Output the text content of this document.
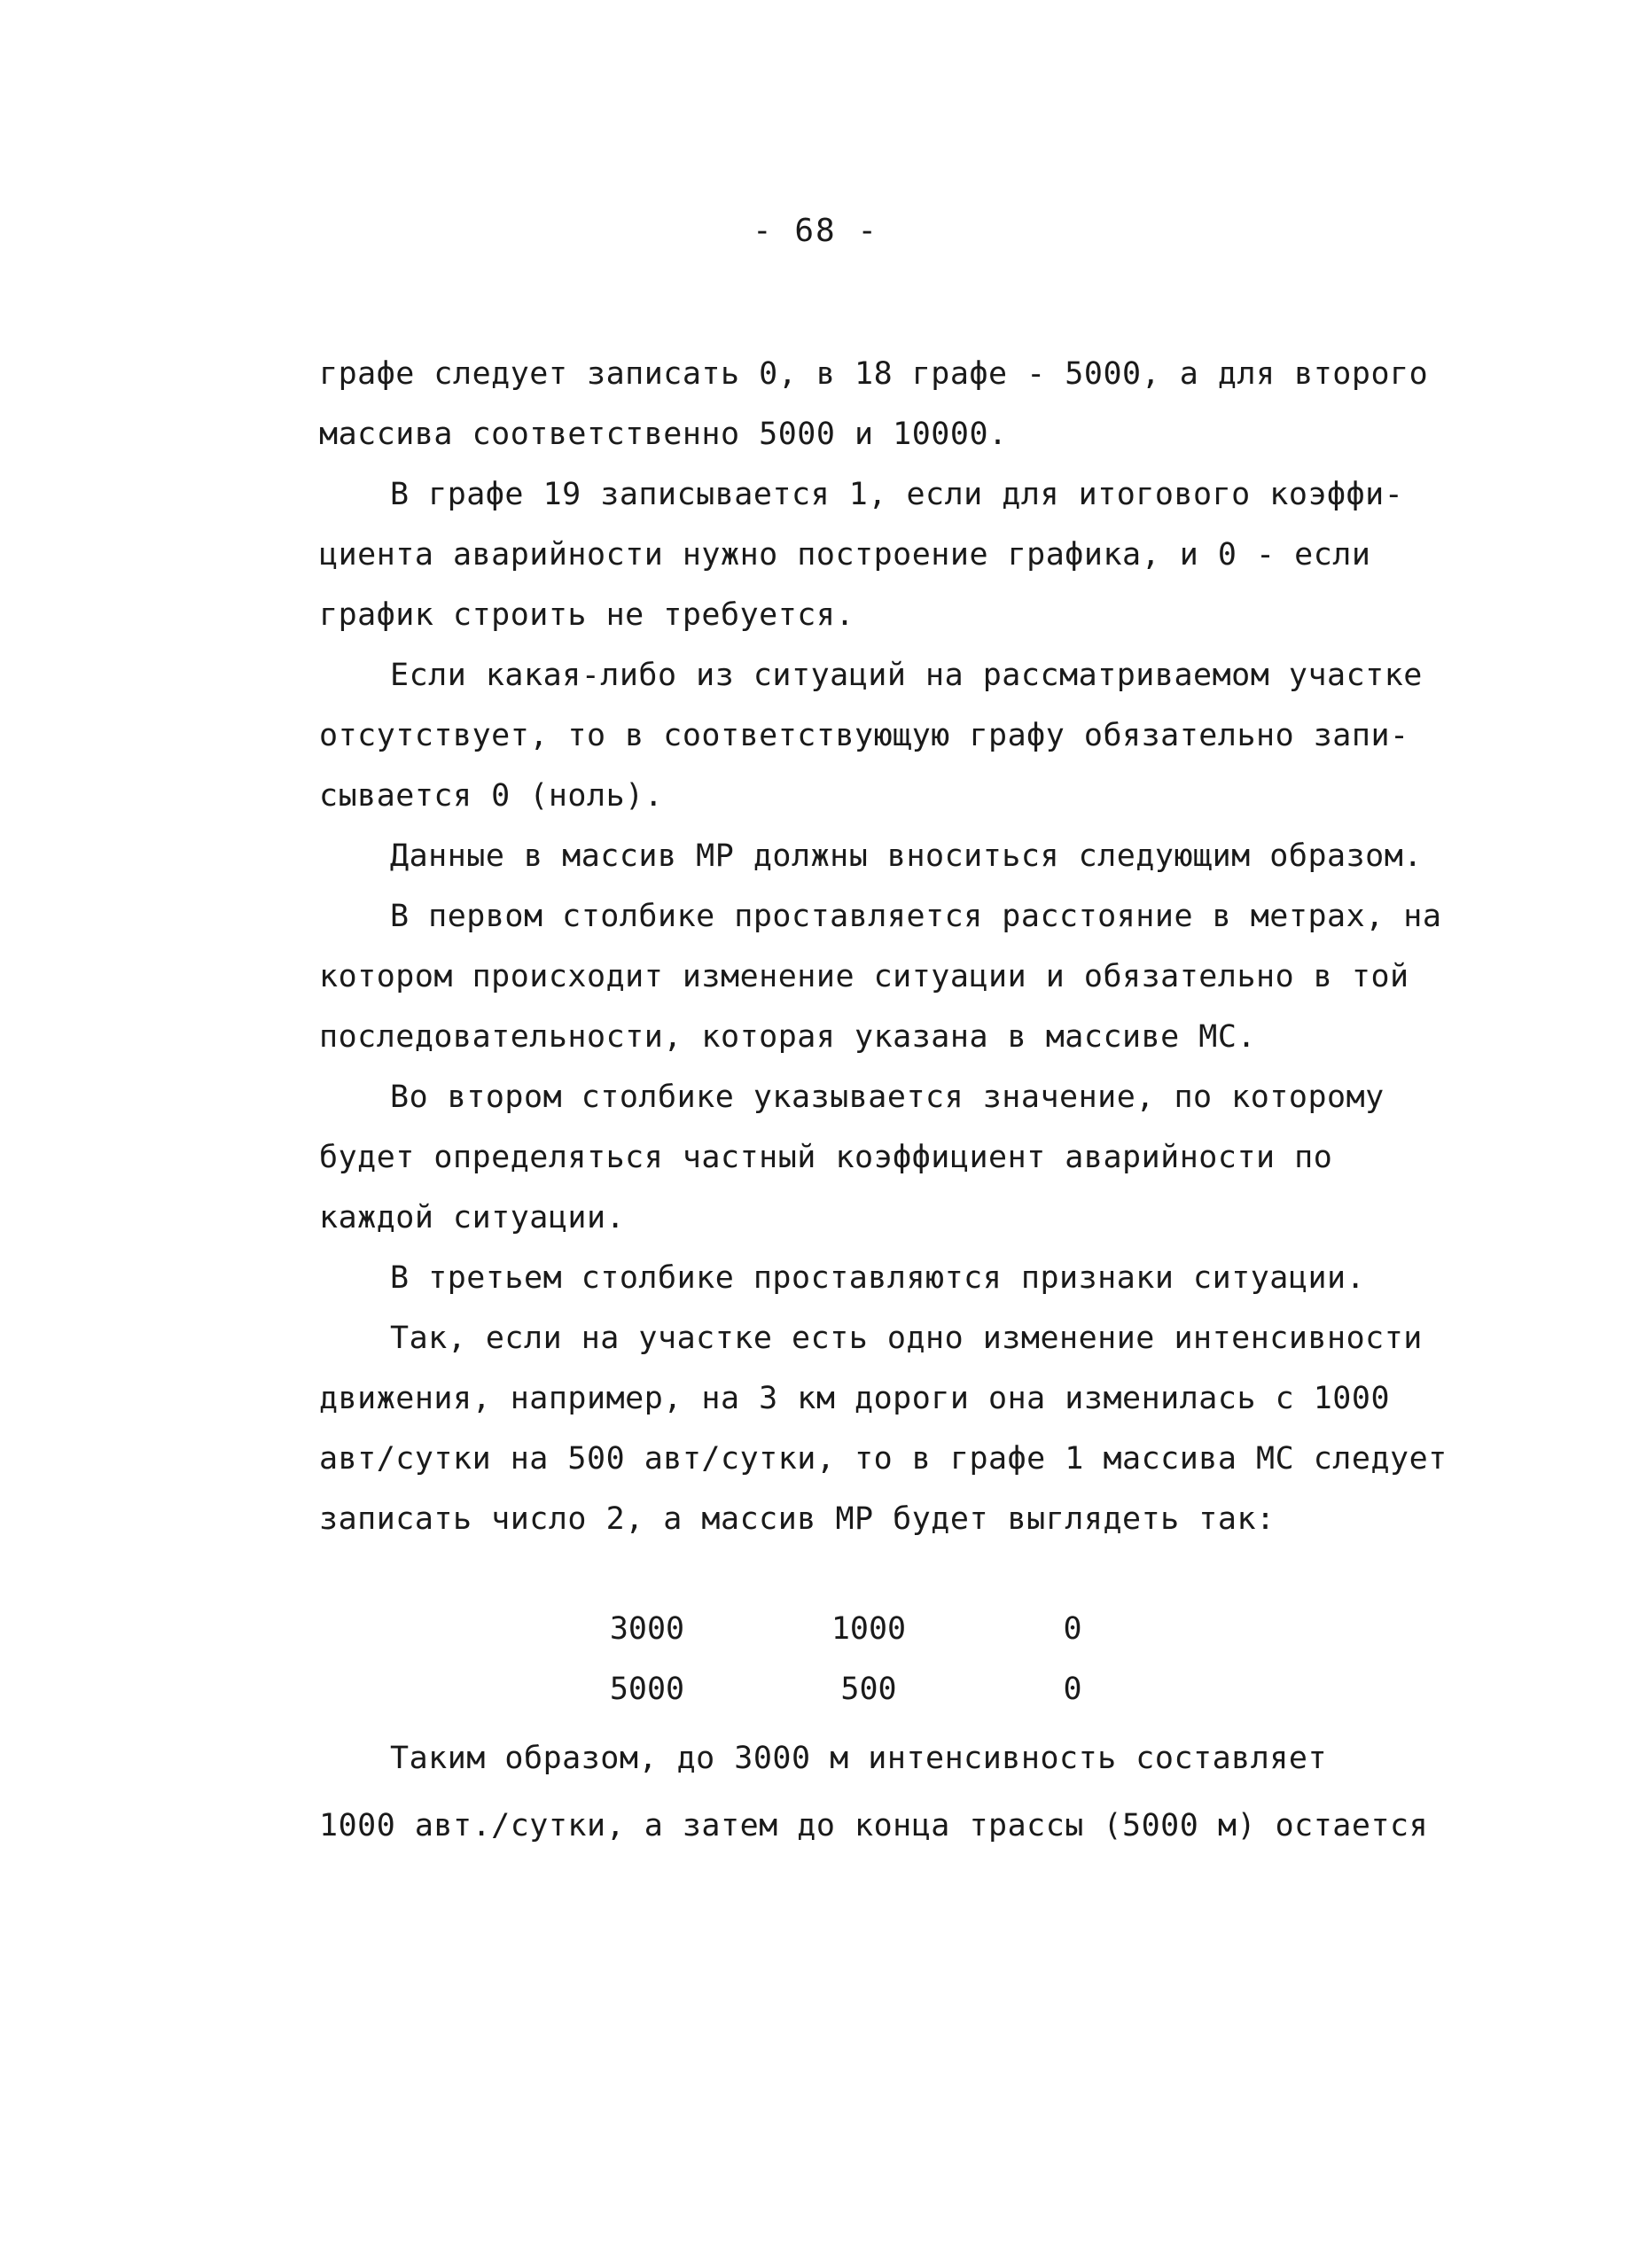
- 68 -
графе следует записать 0, в 18 графе - 5000, а для второго
массива соответственно 5000 и 10000.
В графе 19 записывается 1, если для итогового коэффи-
циента аварийности нужно построение графика, и 0 - если
график строить не требуется.
Если какая-либо из ситуаций на рассматриваемом участке
отсутствует, то в соответствующую графу обязательно запи-
сывается 0 (ноль).
Данные в массив МР должны вноситься следующим образом.
В первом столбике проставляется расстояние в метрах, на
котором происходит изменение ситуации и обязательно в той
последовательности, которая указана в массиве МС.
Во втором столбике указывается значение, по которому
будет определяться частный коэффициент аварийности по
каждой ситуации.
В третьем столбике проставляются признаки ситуации.
Так, если на участке есть одно изменение интенсивности
движения, например, на 3 км дороги она изменилась с 1000
авт/сутки на 500 авт/сутки, то в графе 1 массива МС следует
записать число 2, а массив МР будет выглядеть так:
3000	1000	0
5000	500	0
Таким образом, до 3000 м интенсивность составляет
1000 авт./сутки, а затем до конца трассы (5000 м) остается
